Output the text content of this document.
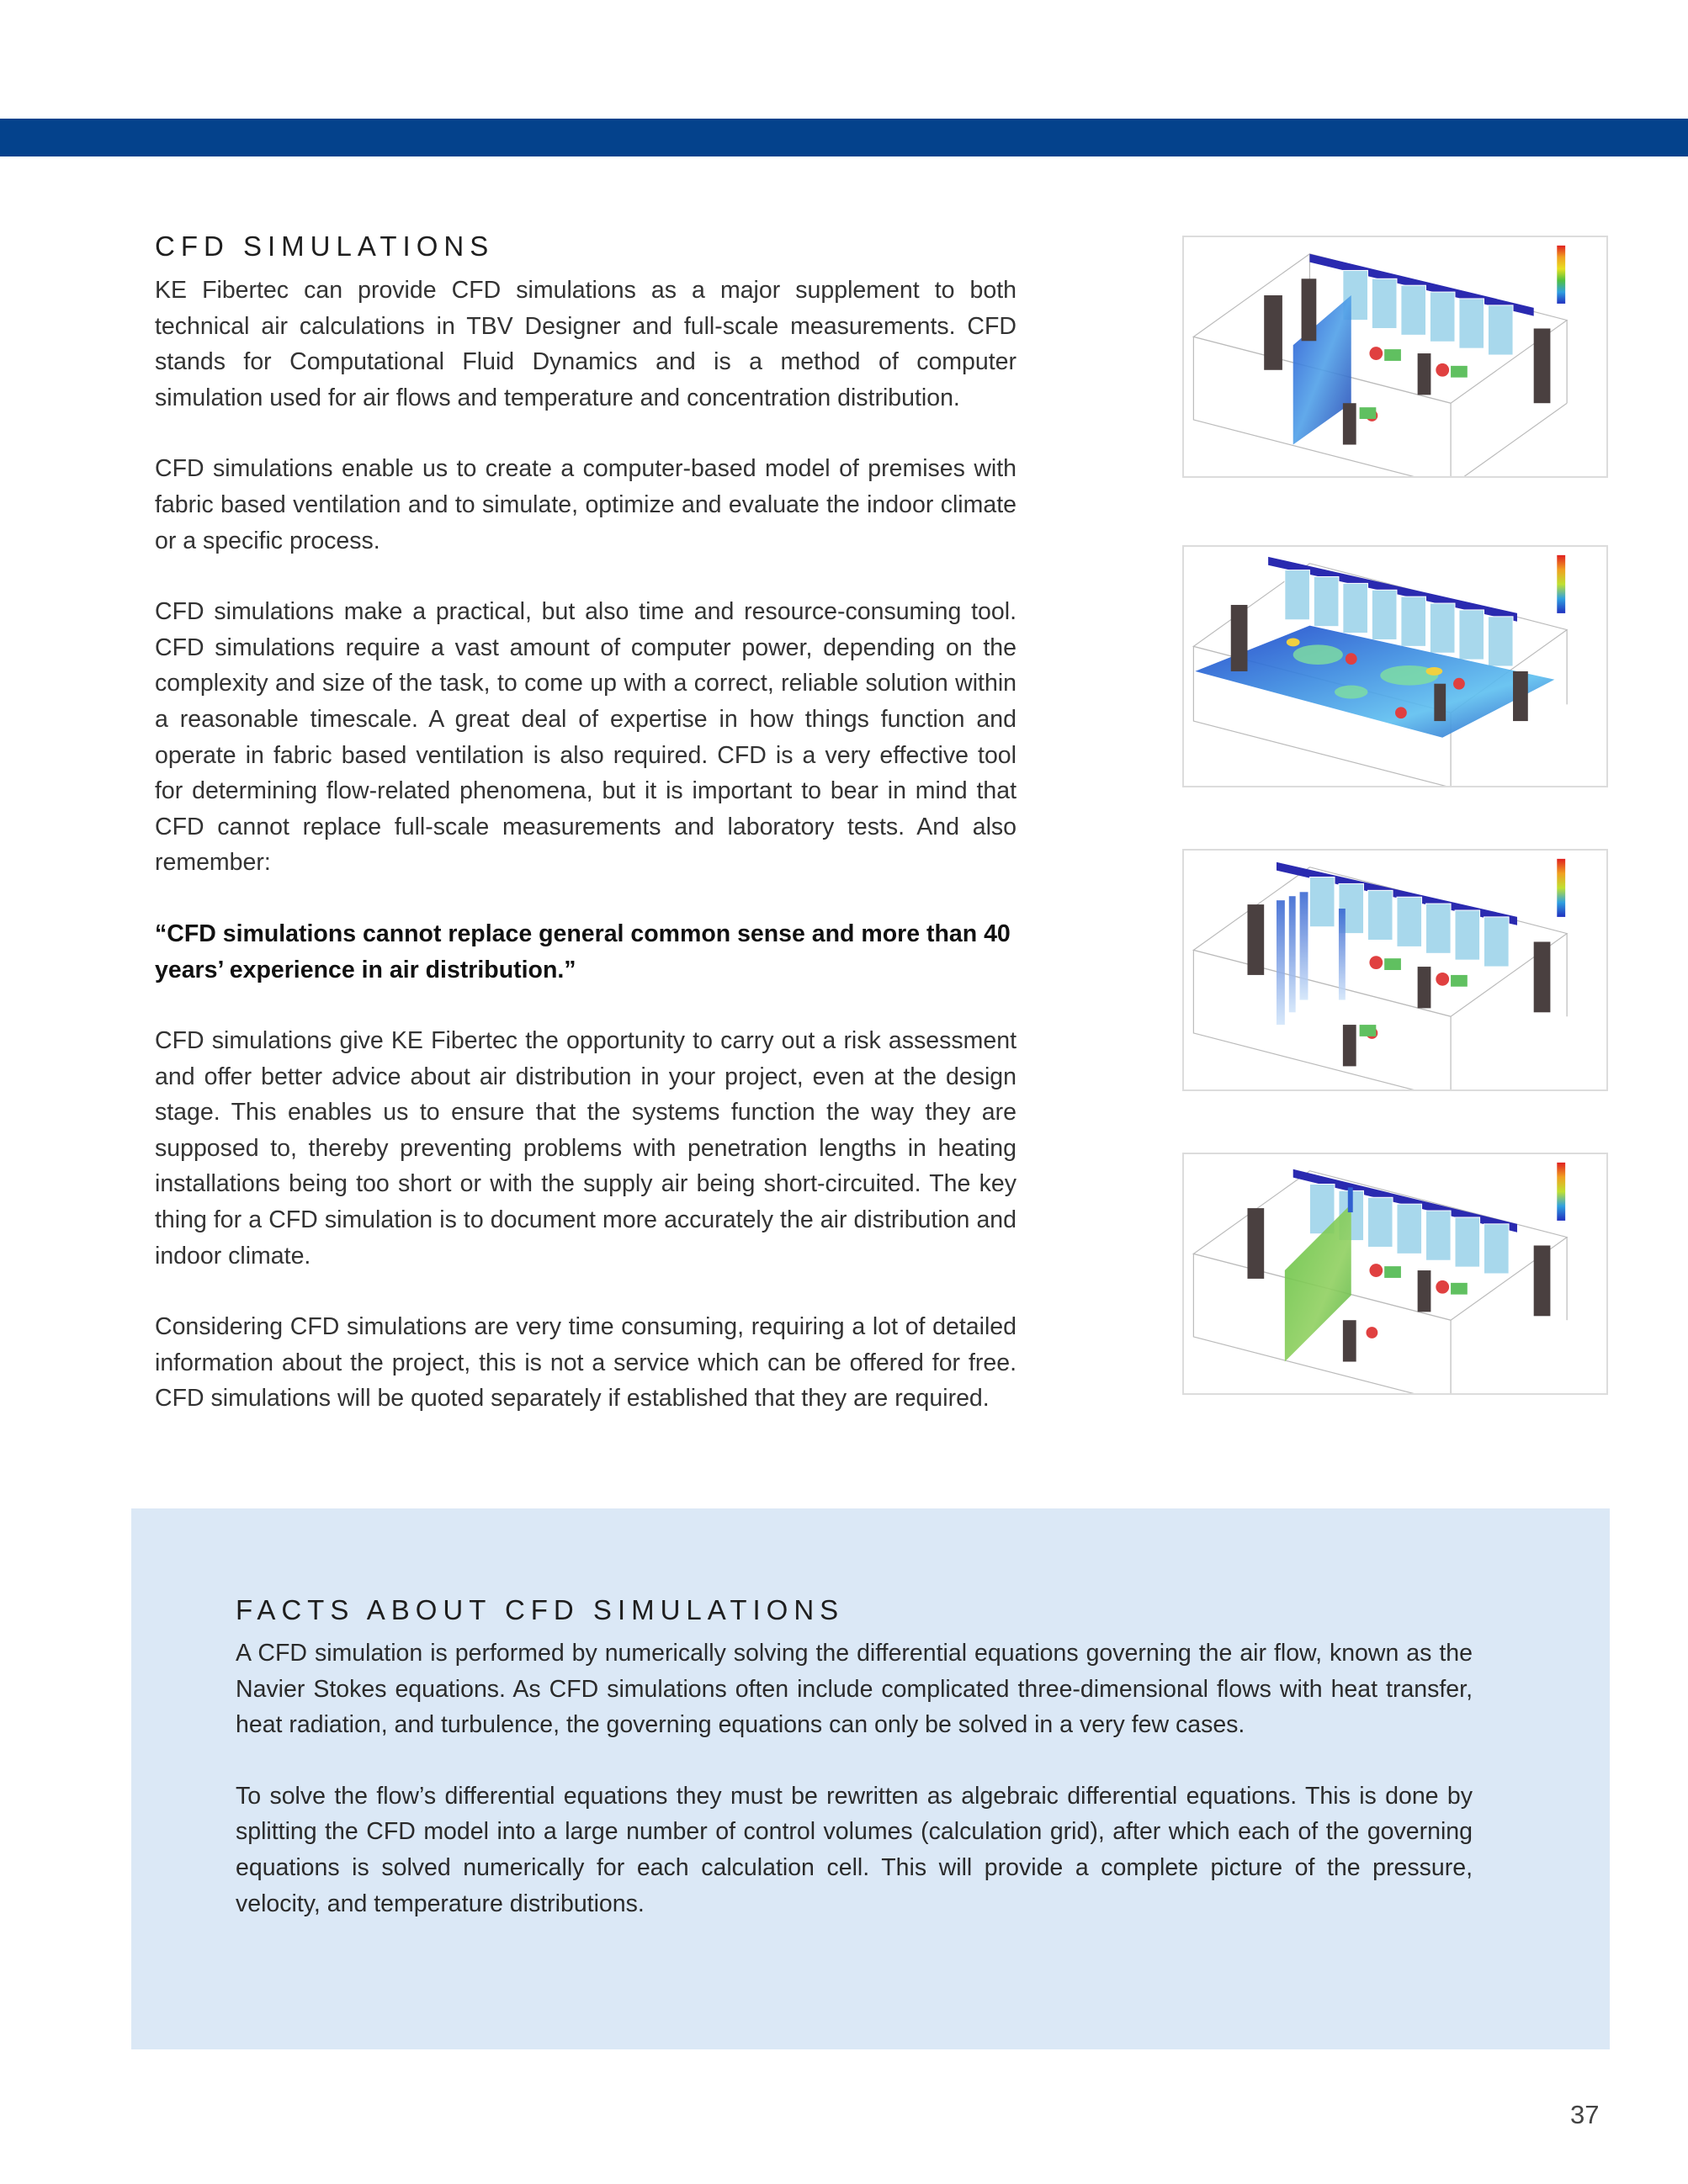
CFD SIMULATIONS

KE Fibertec can provide CFD simulations as a major supplement to both technical air calculations in TBV Designer and full-scale measurements. CFD stands for Computational Fluid Dynamics and is a method of computer simulation used for air flows and temperature and concentration distribution.

CFD simulations enable us to create a computer-based model of premises with fabric based ventilation and to simulate, optimize and evaluate the indoor climate or a specific process.

CFD simulations make a practical, but also time and resource-consuming tool. CFD simulations require a vast amount of computer power, depending on the complexity and size of the task, to come up with a correct, reliable solution within a reasonable timescale. A great deal of expertise in how things function and operate in fabric based ventilation is also required. CFD is a very effective tool for determining flow-related phenomena, but it is important to bear in mind that CFD cannot replace full-scale measurements and laboratory tests. And also remember:

“CFD simulations cannot replace general common sense and more than 40 years’ experience in air distribution.”

CFD simulations give KE Fibertec the opportunity to carry out a risk assessment and offer better advice about air distribution in your project, even at the design stage. This enables us to ensure that the systems function the way they are supposed to, thereby preventing problems with penetration lengths in heating installations being too short or with the supply air being short-circuited. The key thing for a CFD simulation is to document more accurately the air distribution and indoor climate.

Considering CFD simulations are very time consuming, requiring a lot of detailed information about the project, this is not a service which can be offered for free. CFD simulations will be quoted separately if established that they are required.

FACTS ABOUT CFD SIMULATIONS

A CFD simulation is performed by numerically solving the differential equations governing the air flow, known as the Navier Stokes equations. As CFD simulations often include complicated three-dimensional flows with heat transfer, heat radiation, and turbulence, the governing equations can only be solved in a very few cases.

To solve the flow’s differential equations they must be rewritten as algebraic differential equations. This is done by splitting the CFD model into a large number of control volumes (calculation grid), after which each of the governing equations is solved numerically for each calculation cell. This will provide a complete picture of the pressure, velocity, and temperature distributions.

37
